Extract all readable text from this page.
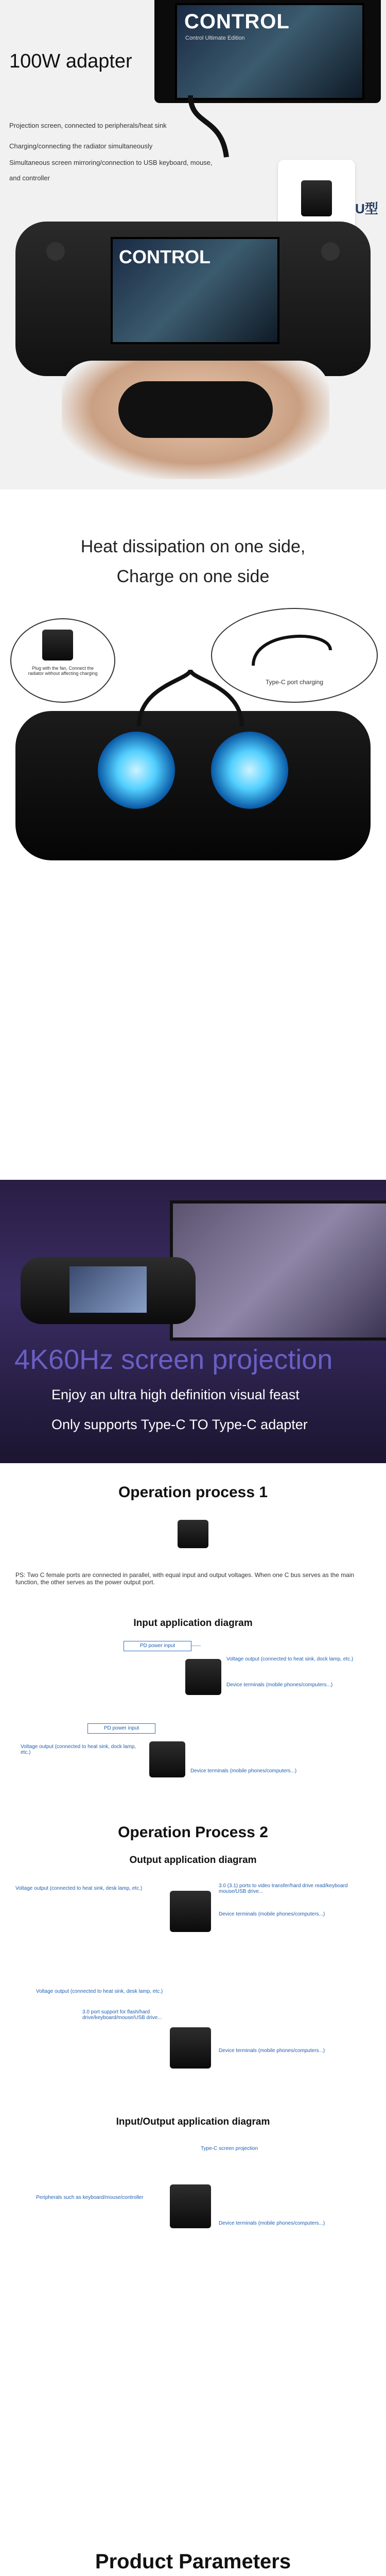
CONTROL
Control Ultimate Edition
100W adapter
Projection screen, connected to peripherals/heat sink
Charging/connecting the radiator simultaneously
Simultaneous screen mirroring/connection to USB keyboard, mouse,
and controller
U型
CONTROL
Heat dissipation on one side,
Charge on one side
Plug with the fan, Connect the radiator without affecting charging
Type-C port charging
4K60Hz screen projection
Enjoy an ultra high definition visual feast
Only supports Type-C TO Type-C adapter
Operation process 1
PS: Two C female ports are connected in parallel, with equal input and output voltages. When one C bus serves as the main function, the other serves as the power output port.
Input application diagram
PD power input
Voltage output (connected to heat sink, dock lamp, etc.)
Device terminals (mobile phones/computers...)
PD power input
Voltage output (connected to heat sink, dock lamp, etc.)
Device terminals (mobile phones/computers...)
Operation Process 2
Output application diagram
Voltage output (connected to heat sink, desk lamp, etc.)	3.0 (3.1) ports to video transfer/hard drive read/keyboard mouse/USB drive...
Device terminals (mobile phones/computers...)
Voltage output (connected to heat sink, desk lamp, etc.)
3.0 port support for flash/hard drive/keyboard/mouse/USB drive...
Device terminals (mobile phones/computers...)
Input/Output application diagram
Type-C screen projection
Peripherals such as keyboard/mouse/controller
Device terminals (mobile phones/computers...)
Product Parameters
